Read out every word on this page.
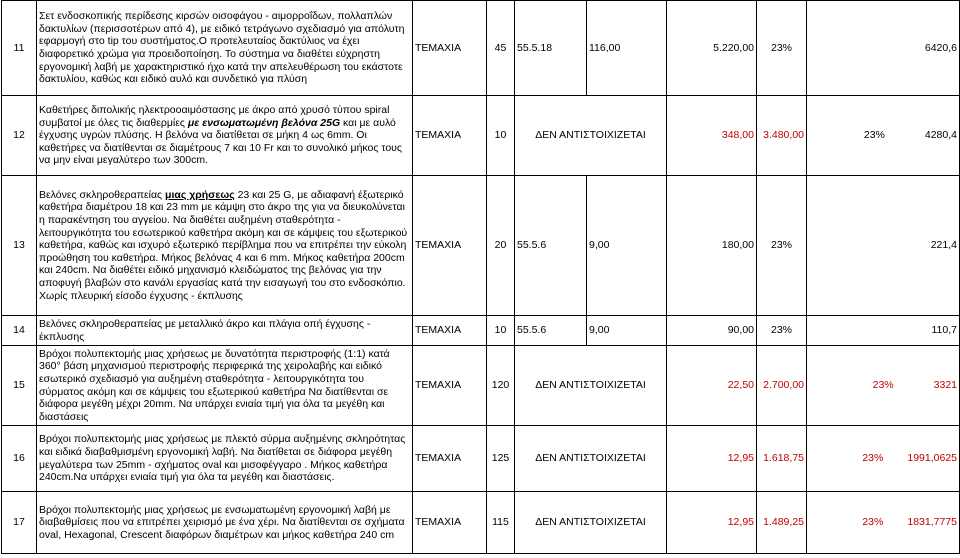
11	Σετ ενδοσκοπικής περίδεσης κιρσών οισοφάγου - αιμορροΐδων, πολλαπλών δακτυλίων (περισσοτέρων από 4), με ειδικό τετράγωνο σχεδιασμό για απόλυτη εφαρμογή στο tip του συστήματος.Ο προτελευταίος δακτύλιος να έχει διαφορετικό χρώμα για προειδοποίηση. Το σύστημα να διαθέτει εύχρηστη εργονομική λαβή με χαρακτηριστικό ήχο κατά την απελευθέρωση του εκάστοτε δακτυλίου, καθώς και ειδικό αυλό και συνδετικό για πλύση	ΤΕΜΑΧΙΑ	45	55.5.18	116,00	5.220,00	23%	6420,6
12	Καθετήρες διπολικής ηλεκτροοαιμόστασης με άκρο από χρυσό τύπου spiral συμβατοί με όλες τις διαθερμίες με ενσωματωμένη βελόνα 25G και με αυλό έγχυσης υγρών πλύσης. Η βελόνα να διατίθεται σε μήκη 4 ως 6mm. Οι καθετήρες να διατίθενται σε διαμέτρους 7 και 10 Fr και το συνολικό μήκος τους να μην είναι μεγαλύτερο των 300cm.	ΤΕΜΑΧΙΑ	10	ΔΕΝ ΑΝΤΙΣΤΟΙΧΙΖΕΤΑΙ		348,00	3.480,00	23% 4280,4
13	Βελόνες σκληροθεραπείας μιας χρήσεως 23 και 25 G, με αδιαφανή έξωτερικό καθετήρα διαμέτρου 18 και 23 mm με κάμψη στο άκρο της για να διευκολύνεται η παρακέντηση του αγγείου. Να διαθέτει αυξημένη σταθερότητα - λειτουργικότητα του εσωτερικού καθετήρα ακόμη και σε κάμψεις του εξωτερικού καθετήρα, καθώς και ισχυρό εξωτερικό περίβλημα που να επιτρέπει την εύκολη προώθηση του καθετήρα. Μήκος βελόνας 4 και 6 mm. Μήκος καθετήρα 200cm και 240cm. Να διαθέτει ειδικό μηχανισμό κλειδώματος της βελόνας για την αποφυγή βλαβών στο κανάλι εργασίας κατά την εισαγωγή του στο ενδοσκόπιο. Χωρίς πλευρική είσοδο έγχυσης - έκπλυσης	ΤΕΜΑΧΙΑ	20	55.5.6	9,00	180,00	23%	221,4
14	Βελόνες σκληροθεραπείας με μεταλλικό άκρο και πλάγια οπή έγχυσης - έκπλυσης	ΤΕΜΑΧΙΑ	10	55.5.6	9,00	90,00	23%	110,7
15	Βρόχοι πολυπεκτομής μιας χρήσεως με δυνατότητα περιστροφής (1:1) κατά 360° βάση μηχανισμού περιστροφής περιφερικά της χειρολαβής και ειδικό εσωτερικό σχεδιασμό για αυξημένη σταθερότητα - λειτουργικότητα του σύρματος ακόμη και σε κάμψεις του εξωτερικού καθετήρα Να διατίθενται σε διάφορα μεγέθη μέχρι 20mm. Να υπάρχει ενιαία τιμή για όλα τα μεγέθη και διαστάσεις	ΤΕΜΑΧΙΑ	120	ΔΕΝ ΑΝΤΙΣΤΟΙΧΙΖΕΤΑΙ		22,50	2.700,00	23% 3321
16	Βρόχοι πολυπεκτομής μιας χρήσεως με πλεκτό σύρμα αυξημένης σκληρότητας και ειδικά διαβαθμισμένη εργονομική λαβή. Να διατίθεται σε διάφορα μεγέθη μεγαλύτερα των 25mm - σχήματος oval και μισοφέγγαρο . Μήκος καθετήρα 240cm.Να υπάρχει ενιαία τιμή για όλα τα μεγέθη και διαστάσεις.	ΤΕΜΑΧΙΑ	125	ΔΕΝ ΑΝΤΙΣΤΟΙΧΙΖΕΤΑΙ		12,95	1.618,75	23% 1991,0625
17	Βρόχοι πολυπεκτομής μιας χρήσεως με ενσωματωμένη εργονομική λαβή με διαβαθμίσεις που να επιτρέπει χειρισμό με ένα χέρι. Να διατίθενται σε σχήματα oval, Hexagonal, Crescent διαφόρων διαμέτρων και μήκος καθετήρα 240 cm	ΤΕΜΑΧΙΑ	115	ΔΕΝ ΑΝΤΙΣΤΟΙΧΙΖΕΤΑΙ		12,95	1.489,25	23% 1831,7775
